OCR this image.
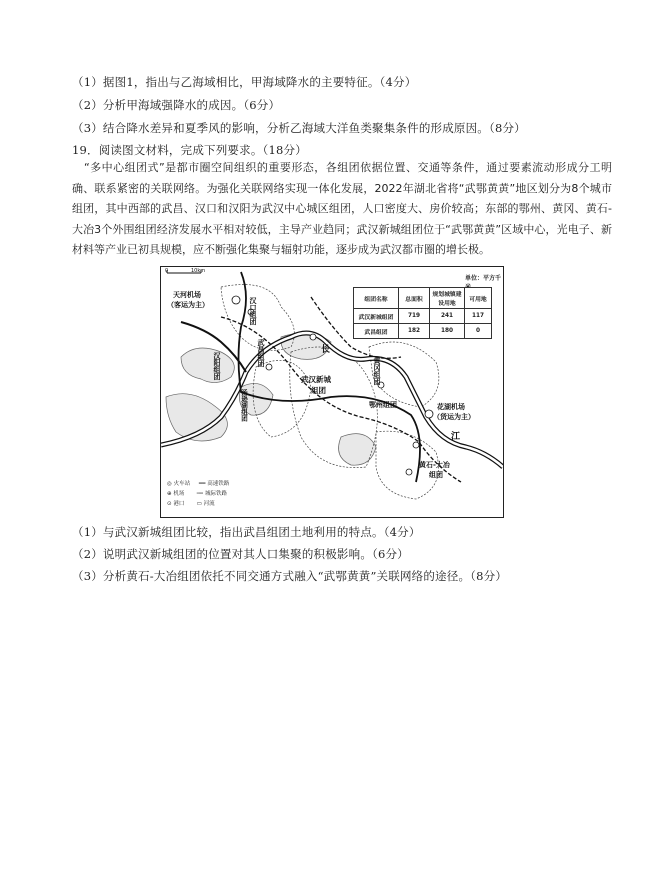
（1）据图1，指出与乙海域相比，甲海域降水的主要特征。（4分）
（2）分析甲海域强降水的成因。（6分）
（3）结合降水差异和夏季风的影响，分析乙海域大洋鱼类聚集条件的形成原因。（8分）
19．阅读图文材料，完成下列要求。（18分）
“多中心组团式”是都市圈空间组织的重要形态，各组团依据位置、交通等条件，通过要素流动形成分工明确、联系紧密的关联网络。为强化关联网络实现一体化发展，2022年湖北省将“武鄂黄黄”地区划分为8个城市组团，其中西部的武昌、汉口和汉阳为武汉中心城区组团，人口密度大、房价较高；东部的鄂州、黄冈、黄石-大冶3个外围组团经济发展水平相对较低，主导产业趋同；武汉新城组团位于“武鄂黄黄”区域中心，光电子、新材料等产业已初具规模，应不断强化集聚与辐射功能，逐步成为武汉都市圈的增长极。
0	10km
天河机场
（客运为主）	汉口组团
武昌组团
汉阳组团
汤逊湖组团
武汉新城
组团
黄冈组团
鄂州组团	花湖机场
（货运为主）
黄石-大冶
组团
长
江
单位：平方千
组团名称	总面积	规划城镇建设用地	可用地
武汉新城组团	719	241	117
武昌组团	182	180	0
◎ 火车站 ━━ 高速铁路
⊕ 机场 ┅┅ 城际铁路
⊙ 港口 ▭ 河流
（1）与武汉新城组团比较，指出武昌组团土地利用的特点。（4分）
（2）说明武汉新城组团的位置对其人口集聚的积极影响。（6分）
（3）分析黄石-大冶组团依托不同交通方式融入“武鄂黄黄”关联网络的途径。（8分）
